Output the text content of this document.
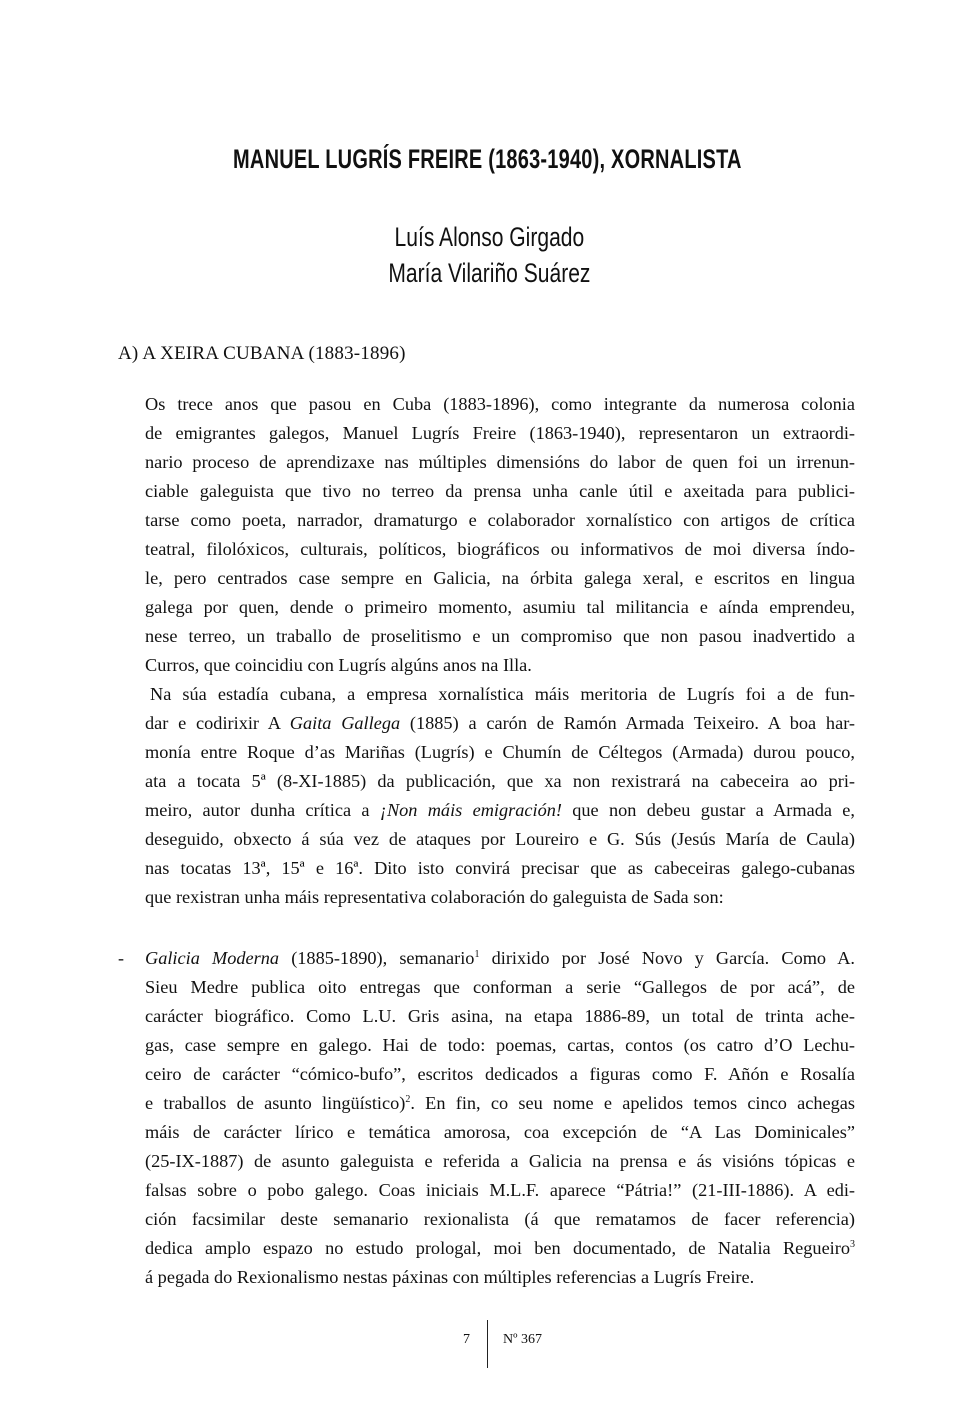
MANUEL LUGRÍS FREIRE (1863-1940), XORNALISTA
Luís Alonso Girgado
María Vilariño Suárez
A) A XEIRA CUBANA (1883-1896)
Os trece anos que pasou en Cuba (1883-1896), como integrante da numerosa colonia
de emigrantes galegos, Manuel Lugrís Freire (1863-1940), representaron un extraordi-
nario proceso de aprendizaxe nas múltiples dimensións do labor de quen foi un irrenun-
ciable galeguista que tivo no terreo da prensa unha canle útil e axeitada para publici-
tarse como poeta, narrador, dramaturgo e colaborador xornalístico con artigos de crítica
teatral, filolóxicos, culturais, políticos, biográficos ou informativos de moi diversa índo-
le, pero centrados case sempre en Galicia, na órbita galega xeral, e escritos en lingua
galega por quen, dende o primeiro momento, asumiu tal militancia e aínda emprendeu,
nese terreo, un traballo de proselitismo e un compromiso que non pasou inadvertido a
Curros, que coincidiu con Lugrís algúns anos na Illa.
Na súa estadía cubana, a empresa xornalística máis meritoria de Lugrís foi a de fun-
dar e codirixir A Gaita Gallega (1885) a carón de Ramón Armada Teixeiro. A boa har-
monía entre Roque d’as Mariñas (Lugrís) e Chumín de Céltegos (Armada) durou pouco,
ata a tocata 5ª (8-XI-1885) da publicación, que xa non rexistrará na cabeceira ao pri-
meiro, autor dunha crítica a ¡Non máis emigración! que non debeu gustar a Armada e,
deseguido, obxecto á súa vez de ataques por Loureiro e G. Sús (Jesús María de Caula)
nas tocatas 13ª, 15ª e 16ª. Dito isto convirá precisar que as cabeceiras galego-cubanas
que rexistran unha máis representativa colaboración do galeguista de Sada son:
- Galicia Moderna (1885-1890), semanario$^1$ dirixido por José Novo y García. Como A.
Sieu Medre publica oito entregas que conforman a serie “Gallegos de por acá”, de
carácter biográfico. Como L.U. Gris asina, na etapa 1886-89, un total de trinta ache-
gas, case sempre en galego. Hai de todo: poemas, cartas, contos (os catro d’O Lechu-
ceiro de carácter “cómico-bufo”, escritos dedicados a figuras como F. Añón e Rosalía
e traballos de asunto lingüístico)$^2$. En fin, co seu nome e apelidos temos cinco achegas
máis de carácter lírico e temática amorosa, coa excepción de “A Las Dominicales”
(25-IX-1887) de asunto galeguista e referida a Galicia na prensa e ás visións tópicas e
falsas sobre o pobo galego. Coas iniciais M.L.F. aparece “Pátria!” (21-III-1886). A edi-
ción facsimilar deste semanario rexionalista (á que rematamos de facer referencia)
dedica amplo espazo no estudo prologal, moi ben documentado, de Natalia Regueiro$^3$
á pegada do Rexionalismo nestas páxinas con múltiples referencias a Lugrís Freire.
7 Nº 367
